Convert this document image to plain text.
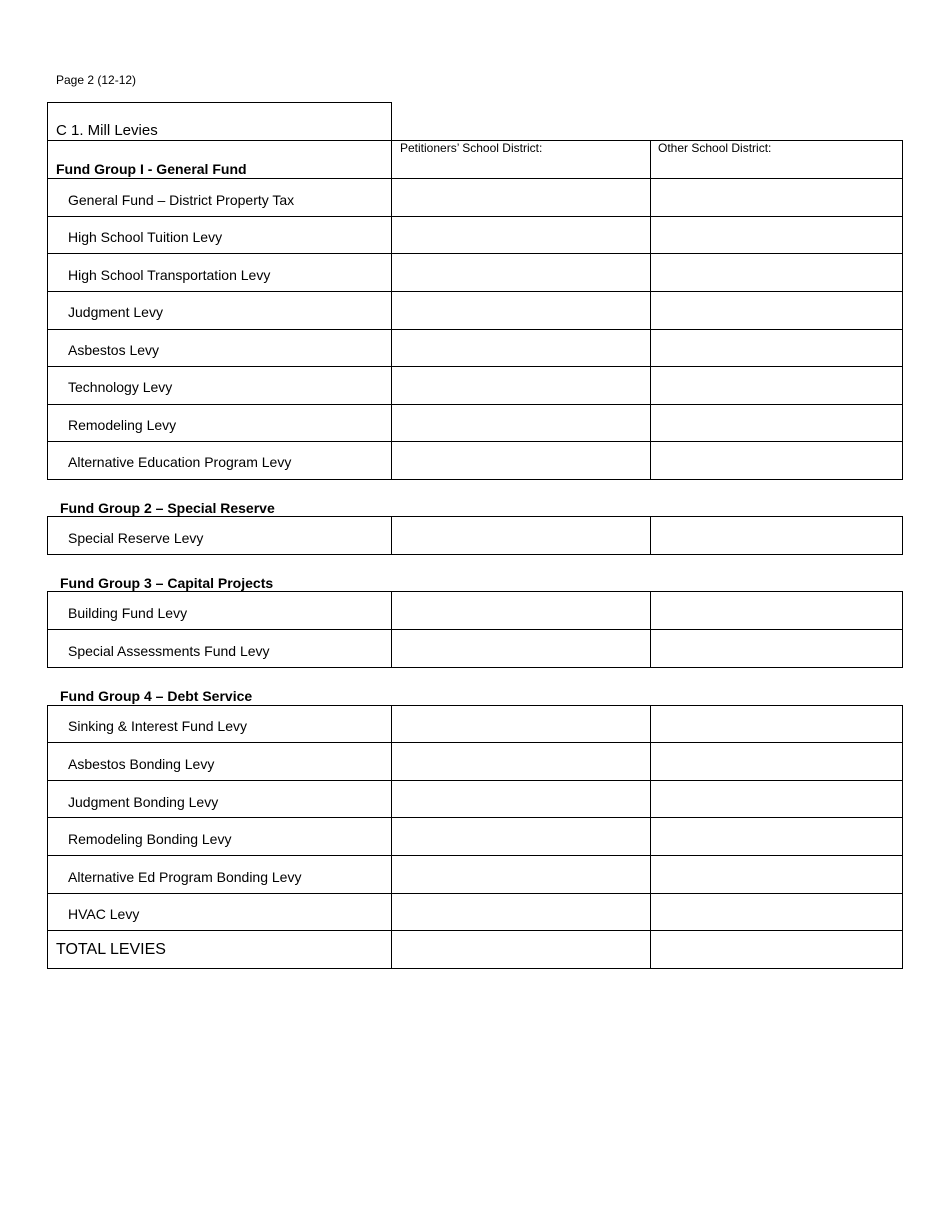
Page 2 (12-12)
C 1. Mill Levies
Petitioners’ School District:	Other School District:
Fund Group I - General Fund
General Fund – District Property Tax
High School Tuition Levy
High School Transportation Levy
Judgment Levy
Asbestos Levy
Technology Levy
Remodeling Levy
Alternative Education Program Levy
Fund Group 2 – Special Reserve
Special Reserve Levy
Fund Group 3 – Capital Projects
Building Fund Levy
Special Assessments Fund Levy
Fund Group 4 – Debt Service
Sinking & Interest Fund Levy
Asbestos Bonding Levy
Judgment Bonding Levy
Remodeling Bonding Levy
Alternative Ed Program Bonding Levy
HVAC Levy
TOTAL LEVIES
